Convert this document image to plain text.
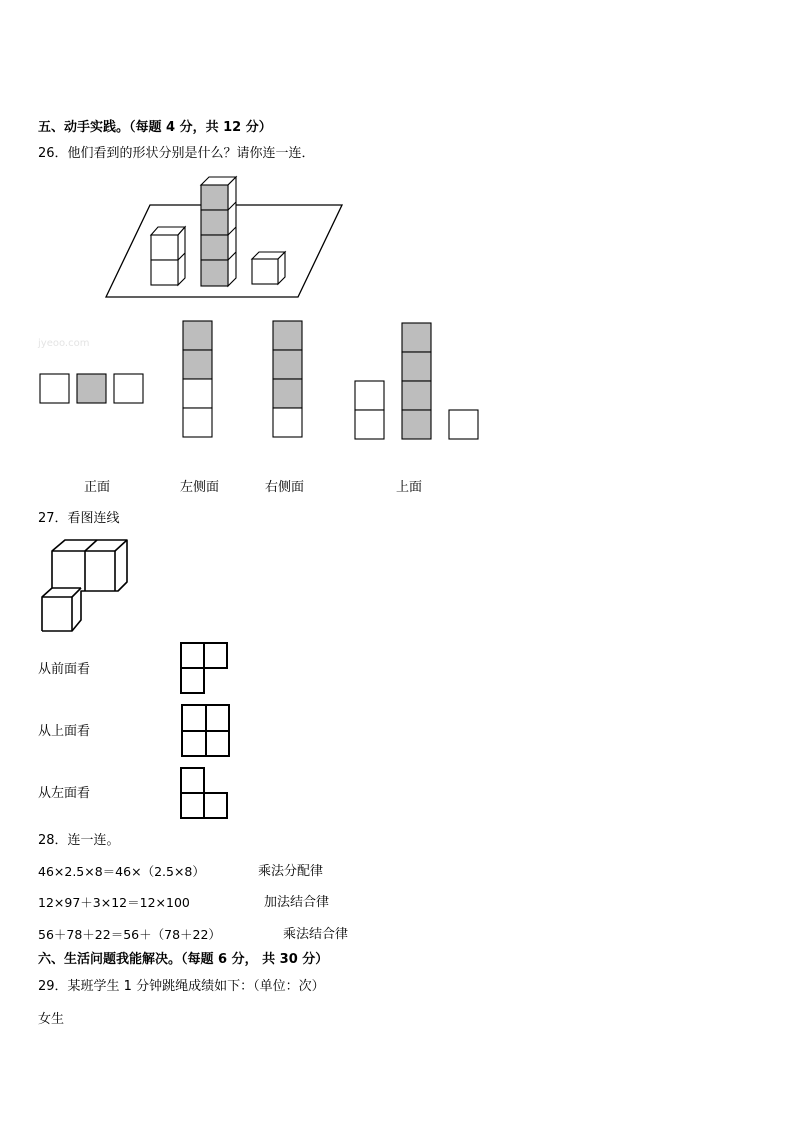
五、动手实践。（每题 4 分，共 12 分）
26．他们看到的形状分别是什么？请你连一连．
jyeoo.com
正面	左侧面	右侧面	上面
27．看图连线
从前面看
从上面看
从左面看
28．连一连。
46×2.5×8＝46×（2.5×8）
12×97＋3×12＝12×100
56＋78＋22＝56＋（78＋22）
乘法分配律
加法结合律
乘法结合律
六、生活问题我能解决。（每题 6 分， 共 30 分）
29．某班学生 1 分钟跳绳成绩如下：（单位：次）
女生
